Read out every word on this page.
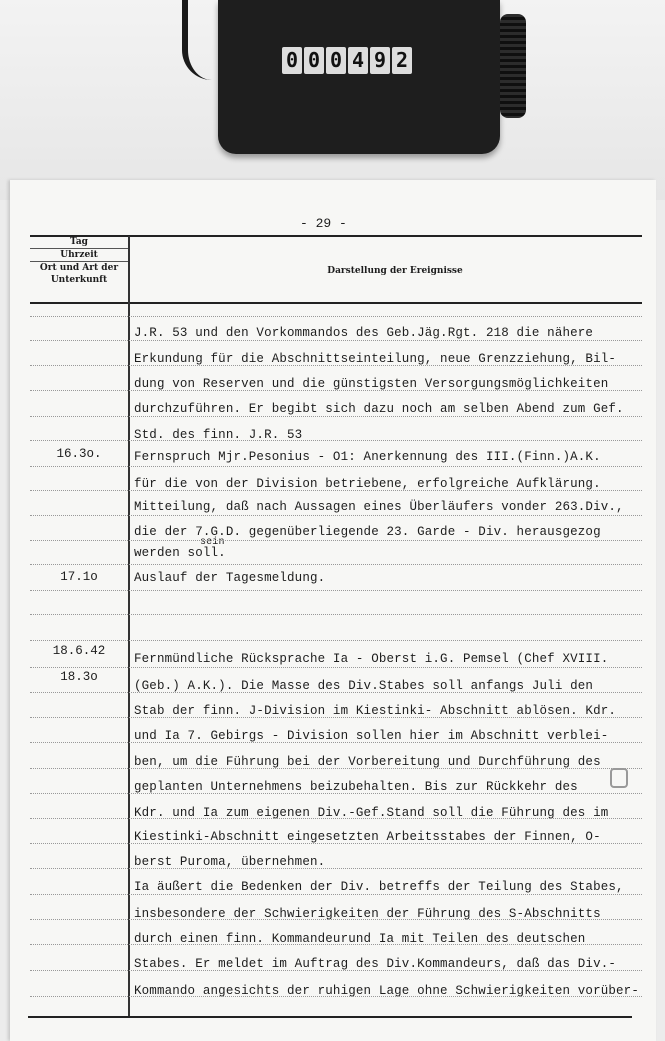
0 0 0 4 9 2
- 29 -
Tag
Uhrzeit
Ort und Art der Unterkunft
Darstellung der Ereignisse
J.R. 53 und den Vorkommandos des Geb.Jäg.Rgt. 218 die nähere
Erkundung für die Abschnittseinteilung, neue Grenzziehung, Bil-
dung von Reserven und die günstigsten Versorgungsmöglichkeiten
durchzuführen. Er begibt sich dazu noch am selben Abend zum Gef.
Std. des finn. J.R. 53
Fernspruch Mjr.Pesonius - O1: Anerkennung des III.(Finn.)A.K.
für die von der Division betriebene, erfolgreiche Aufklärung.
Mitteilung, daß nach Aussagen eines Überläufers vonder 263.Div.,
die der 7.G.D. gegenüberliegende 23. Garde - Div. herausgezog
16.3o.
sein
werden soll.
Auslauf der Tagesmeldung.
17.1o
Fernmündliche Rücksprache Ia - Oberst i.G. Pemsel (Chef XVIII.
(Geb.) A.K.). Die Masse des Div.Stabes soll anfangs Juli den
Stab der finn. J-Division im Kiestinki- Abschnitt ablösen. Kdr.
und Ia 7. Gebirgs - Division sollen hier im Abschnitt verblei-
ben, um die Führung bei der Vorbereitung und Durchführung des
geplanten Unternehmens beizubehalten. Bis zur Rückkehr des
Kdr. und Ia zum eigenen Div.-Gef.Stand soll die Führung des im
Kiestinki-Abschnitt eingesetzten Arbeitsstabes der Finnen, O-
berst Puroma, übernehmen.
Ia äußert die Bedenken der Div. betreffs der Teilung des Stabes,
insbesondere der Schwierigkeiten der Führung des S-Abschnitts
durch einen finn. Kommandeurund Ia mit Teilen des deutschen
Stabes. Er meldet im Auftrag des Div.Kommandeurs, daß das Div.-
Kommando angesichts der ruhigen Lage ohne Schwierigkeiten vorüber-
18.6.42
18.3o
